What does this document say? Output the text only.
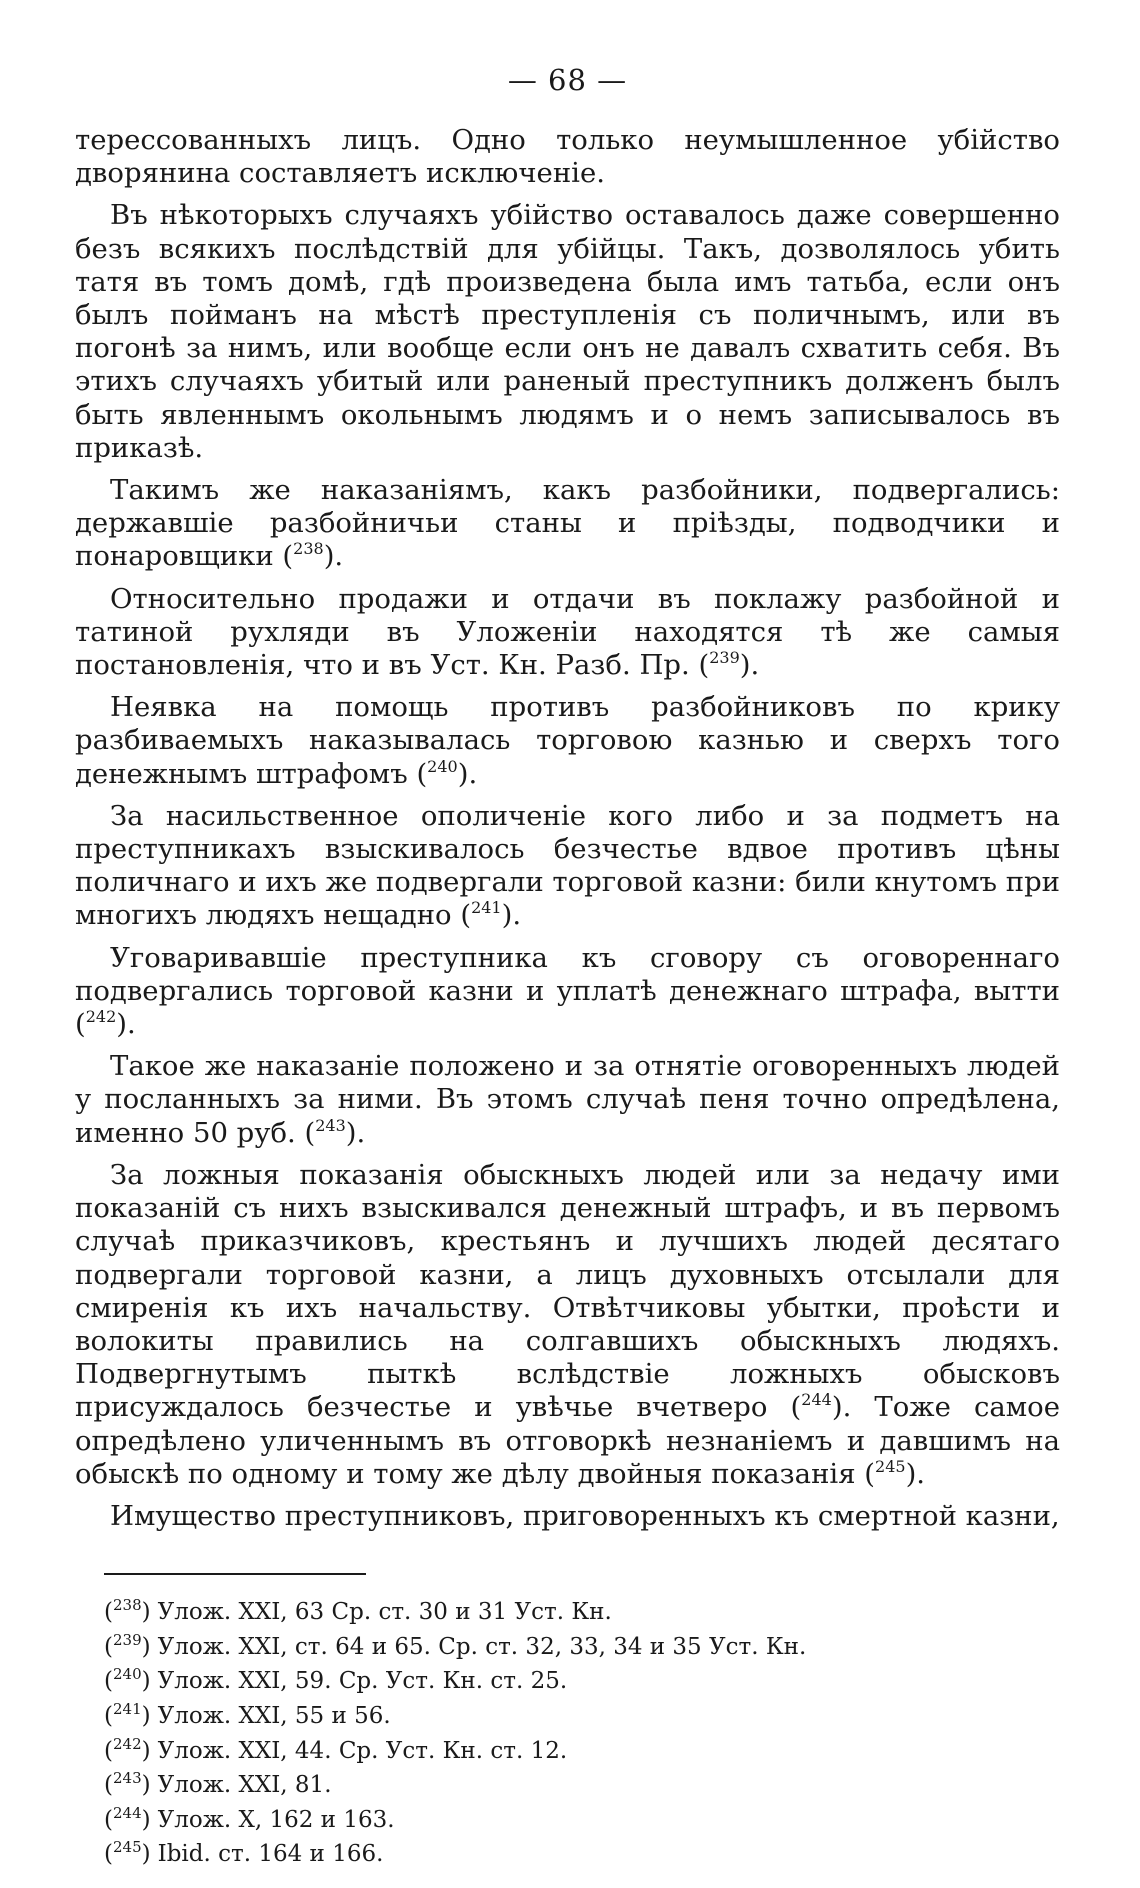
— 68 —

терессованныхъ лицъ. Одно только неумышленное убійство дворянина составляетъ исключеніе.

Въ нѣкоторыхъ случаяхъ убійство оставалось даже совершенно безъ всякихъ послѣдствій для убійцы. Такъ, дозволялось убить татя въ томъ домѣ, гдѣ произведена была имъ татьба, если онъ былъ пойманъ на мѣстѣ преступленія съ поличнымъ, или въ погонѣ за нимъ, или вообще если онъ не давалъ схватить себя. Въ этихъ случаяхъ убитый или раненый преступникъ долженъ былъ быть явленнымъ окольнымъ людямъ и о немъ записывалось въ приказѣ.

Такимъ же наказаніямъ, какъ разбойники, подвергались: державшіе разбойничьи станы и пріѣзды, подводчики и понаровщики ($^{238}$).

Относительно продажи и отдачи въ поклажу разбойной и татиной рухляди въ Уложеніи находятся тѣ же самыя постановленія, что и въ Уст. Кн. Разб. Пр. ($^{239}$).

Неявка на помощь противъ разбойниковъ по крику разбиваемыхъ наказывалась торговою казнью и сверхъ того денежнымъ штрафомъ ($^{240}$).

За насильственное ополиченіе кого либо и за подметъ на преступникахъ взыскивалось безчестье вдвое противъ цѣны поличнаго и ихъ же подвергали торговой казни: били кнутомъ при многихъ людяхъ нещадно ($^{241}$).

Уговаривавшіе преступника къ сговору съ оговореннаго подвергались торговой казни и уплатѣ денежнаго штрафа, вытти ($^{242}$).

Такое же наказаніе положено и за отнятіе оговоренныхъ людей у посланныхъ за ними. Въ этомъ случаѣ пеня точно опредѣлена, именно 50 руб. ($^{243}$).

За ложныя показанія обыскныхъ людей или за недачу ими показаній съ нихъ взыскивался денежный штрафъ, и въ первомъ случаѣ приказчиковъ, крестьянъ и лучшихъ людей десятаго подвергали торговой казни, а лицъ духовныхъ отсылали для смиренія къ ихъ начальству. Отвѣтчиковы убытки, проѣсти и волокиты правились на солгавшихъ обыскныхъ людяхъ. Подвергнутымъ пыткѣ вслѣдствіе ложныхъ обысковъ присуждалось безчестье и увѣчье вчетверо ($^{244}$). Тоже самое опредѣлено уличеннымъ въ отговоркѣ незнаніемъ и давшимъ на обыскѣ по одному и тому же дѣлу двойныя показанія ($^{245}$).

Имущество преступниковъ, приговоренныхъ къ смертной казни,

($^{238}$) Улож. XXI, 63 Ср. ст. 30 и 31 Уст. Кн.
($^{239}$) Улож. XXI, ст. 64 и 65. Ср. ст. 32, 33, 34 и 35 Уст. Кн.
($^{240}$) Улож. XXI, 59. Ср. Уст. Кн. ст. 25.
($^{241}$) Улож. XXI, 55 и 56.
($^{242}$) Улож. XXI, 44. Ср. Уст. Кн. ст. 12.
($^{243}$) Улож. XXI, 81.
($^{244}$) Улож. X, 162 и 163.
($^{245}$) Ibid. ст. 164 и 166.
